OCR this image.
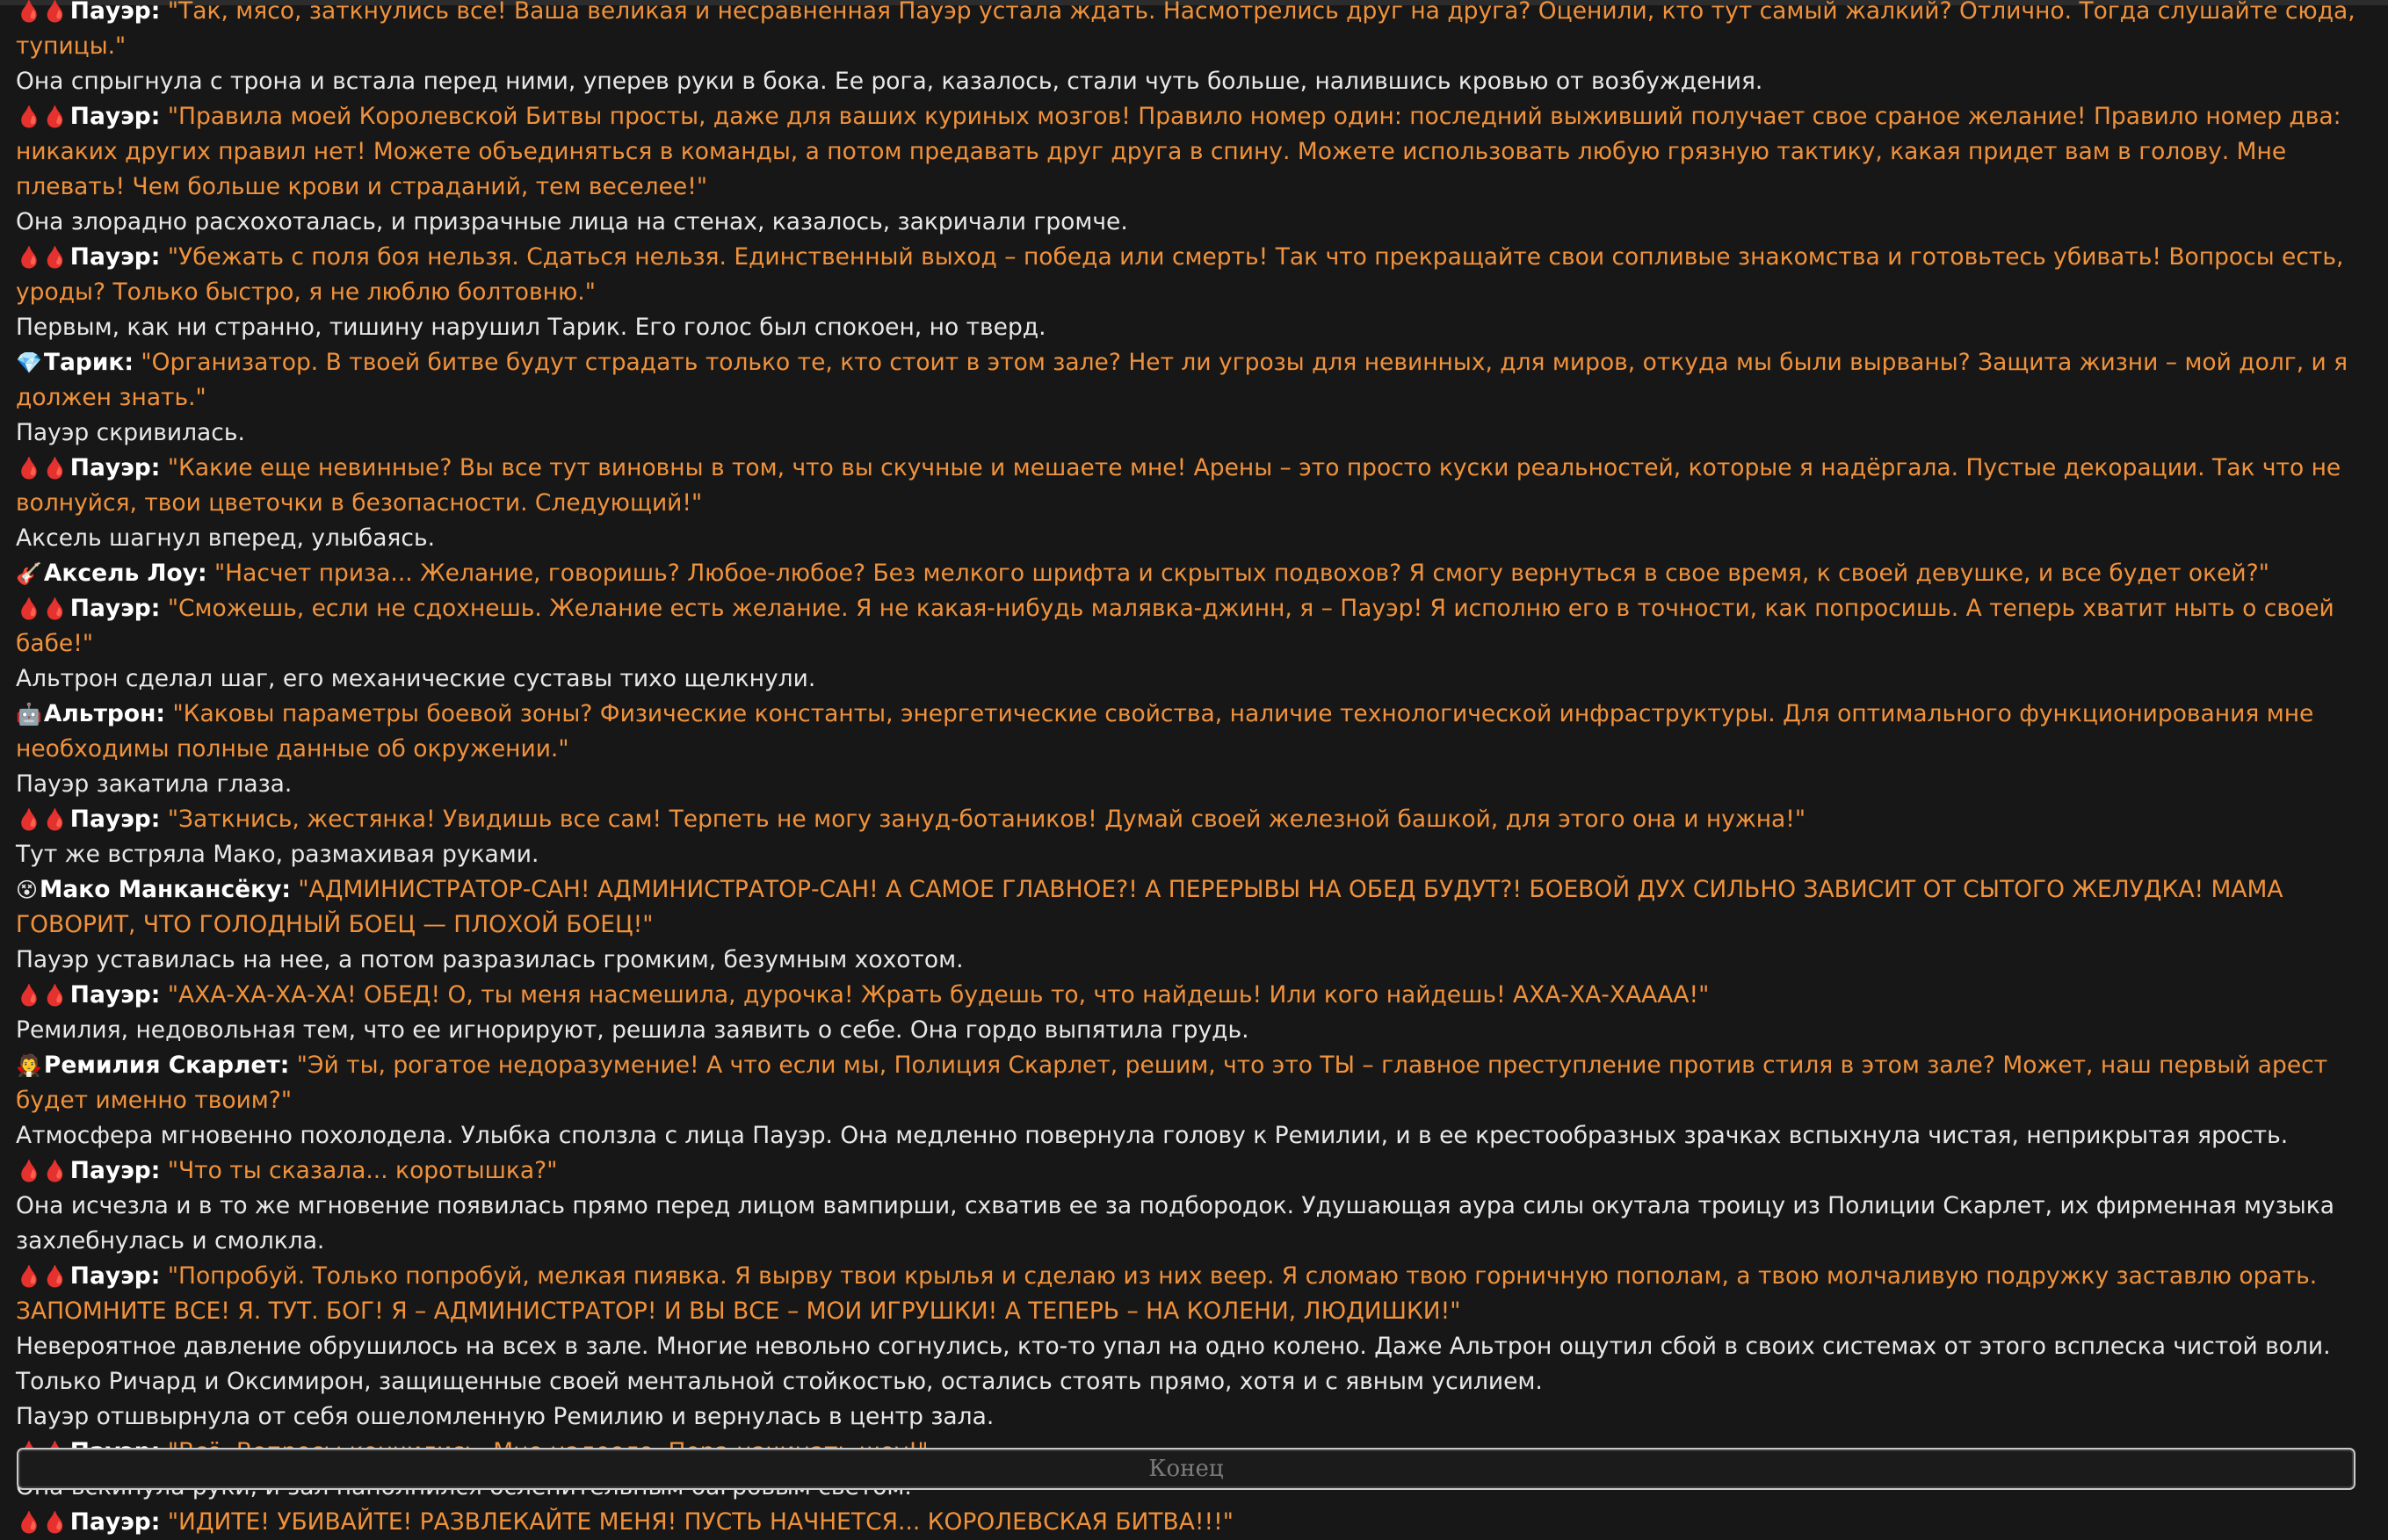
🩸🩸Пауэр: "Так, мясо, заткнулись все! Ваша великая и несравненная Пауэр устала ждать. Насмотрелись друг на друга? Оценили, кто тут самый жалкий? Отлично. Тогда слушайте сюда, тупицы."
Она спрыгнула с трона и встала перед ними, уперев руки в бока. Ее рога, казалось, стали чуть больше, налившись кровью от возбуждения.
🩸🩸Пауэр: "Правила моей Королевской Битвы просты, даже для ваших куриных мозгов! Правило номер один: последний выживший получает свое сраное желание! Правило номер два: никаких других правил нет! Можете объединяться в команды, а потом предавать друг друга в спину. Можете использовать любую грязную тактику, какая придет вам в голову. Мне плевать! Чем больше крови и страданий, тем веселее!"
Она злорадно расхохоталась, и призрачные лица на стенах, казалось, закричали громче.
🩸🩸Пауэр: "Убежать с поля боя нельзя. Сдаться нельзя. Единственный выход – победа или смерть! Так что прекращайте свои сопливые знакомства и готовьтесь убивать! Вопросы есть, уроды? Только быстро, я не люблю болтовню."
Первым, как ни странно, тишину нарушил Тарик. Его голос был спокоен, но тверд.
💎Тарик: "Организатор. В твоей битве будут страдать только те, кто стоит в этом зале? Нет ли угрозы для невинных, для миров, откуда мы были вырваны? Защита жизни – мой долг, и я должен знать."
Пауэр скривилась.
🩸🩸Пауэр: "Какие еще невинные? Вы все тут виновны в том, что вы скучные и мешаете мне! Арены – это просто куски реальностей, которые я надёргала. Пустые декорации. Так что не волнуйся, твои цветочки в безопасности. Следующий!"
Аксель шагнул вперед, улыбаясь.
🎸Аксель Лоу: "Насчет приза... Желание, говоришь? Любое-любое? Без мелкого шрифта и скрытых подвохов? Я смогу вернуться в свое время, к своей девушке, и все будет окей?"
🩸🩸Пауэр: "Сможешь, если не сдохнешь. Желание есть желание. Я не какая-нибудь малявка-джинн, я – Пауэр! Я исполню его в точности, как попросишь. А теперь хватит ныть о своей бабе!"
Альтрон сделал шаг, его механические суставы тихо щелкнули.
🤖Альтрон: "Каковы параметры боевой зоны? Физические константы, энергетические свойства, наличие технологической инфраструктуры. Для оптимального функционирования мне необходимы полные данные об окружении."
Пауэр закатила глаза.
🩸🩸Пауэр: "Заткнись, жестянка! Увидишь все сам! Терпеть не могу зануд-ботаников! Думай своей железной башкой, для этого она и нужна!"
Тут же встряла Мако, размахивая руками.
😵Мако Манкансёку: "АДМИНИСТРАТОР-САН! АДМИНИСТРАТОР-САН! А САМОЕ ГЛАВНОЕ?! А ПЕРЕРЫВЫ НА ОБЕД БУДУТ?! БОЕВОЙ ДУХ СИЛЬНО ЗАВИСИТ ОТ СЫТОГО ЖЕЛУДКА! МАМА ГОВОРИТ, ЧТО ГОЛОДНЫЙ БОЕЦ — ПЛОХОЙ БОЕЦ!"
Пауэр уставилась на нее, а потом разразилась громким, безумным хохотом.
🩸🩸Пауэр: "АХА-ХА-ХА-ХА! ОБЕД! О, ты меня насмешила, дурочка! Жрать будешь то, что найдешь! Или кого найдешь! АХА-ХА-ХАААА!"
Ремилия, недовольная тем, что ее игнорируют, решила заявить о себе. Она гордо выпятила грудь.
🧛Ремилия Скарлет: "Эй ты, рогатое недоразумение! А что если мы, Полиция Скарлет, решим, что это ТЫ – главное преступление против стиля в этом зале? Может, наш первый арест будет именно твоим?"
Атмосфера мгновенно похолодела. Улыбка сползла с лица Пауэр. Она медленно повернула голову к Ремилии, и в ее крестообразных зрачках вспыхнула чистая, неприкрытая ярость.
🩸🩸Пауэр: "Что ты сказала... коротышка?"
Она исчезла и в то же мгновение появилась прямо перед лицом вампирши, схватив ее за подбородок. Удушающая аура силы окутала троицу из Полиции Скарлет, их фирменная музыка захлебнулась и смолкла.
🩸🩸Пауэр: "Попробуй. Только попробуй, мелкая пиявка. Я вырву твои крылья и сделаю из них веер. Я сломаю твою горничную пополам, а твою молчаливую подружку заставлю орать. ЗАПОМНИТЕ ВСЕ! Я. ТУТ. БОГ! Я – АДМИНИСТРАТОР! И ВЫ ВСЕ – МОИ ИГРУШКИ! А ТЕПЕРЬ – НА КОЛЕНИ, ЛЮДИШКИ!"
Невероятное давление обрушилось на всех в зале. Многие невольно согнулись, кто-то упал на одно колено. Даже Альтрон ощутил сбой в своих системах от этого всплеска чистой воли. Только Ричард и Оксимирон, защищенные своей ментальной стойкостью, остались стоять прямо, хотя и с явным усилием.
Пауэр отшвырнула от себя ошеломленную Ремилию и вернулась в центр зала.
🩸🩸Пауэр: "ИДИТЕ! УБИВАЙТЕ! РАЗВЛЕКАЙТЕ МЕНЯ! ПУСТЬ НАЧНЕТСЯ... КОРОЛЕВСКАЯ БИТВА!!!"
Конец
